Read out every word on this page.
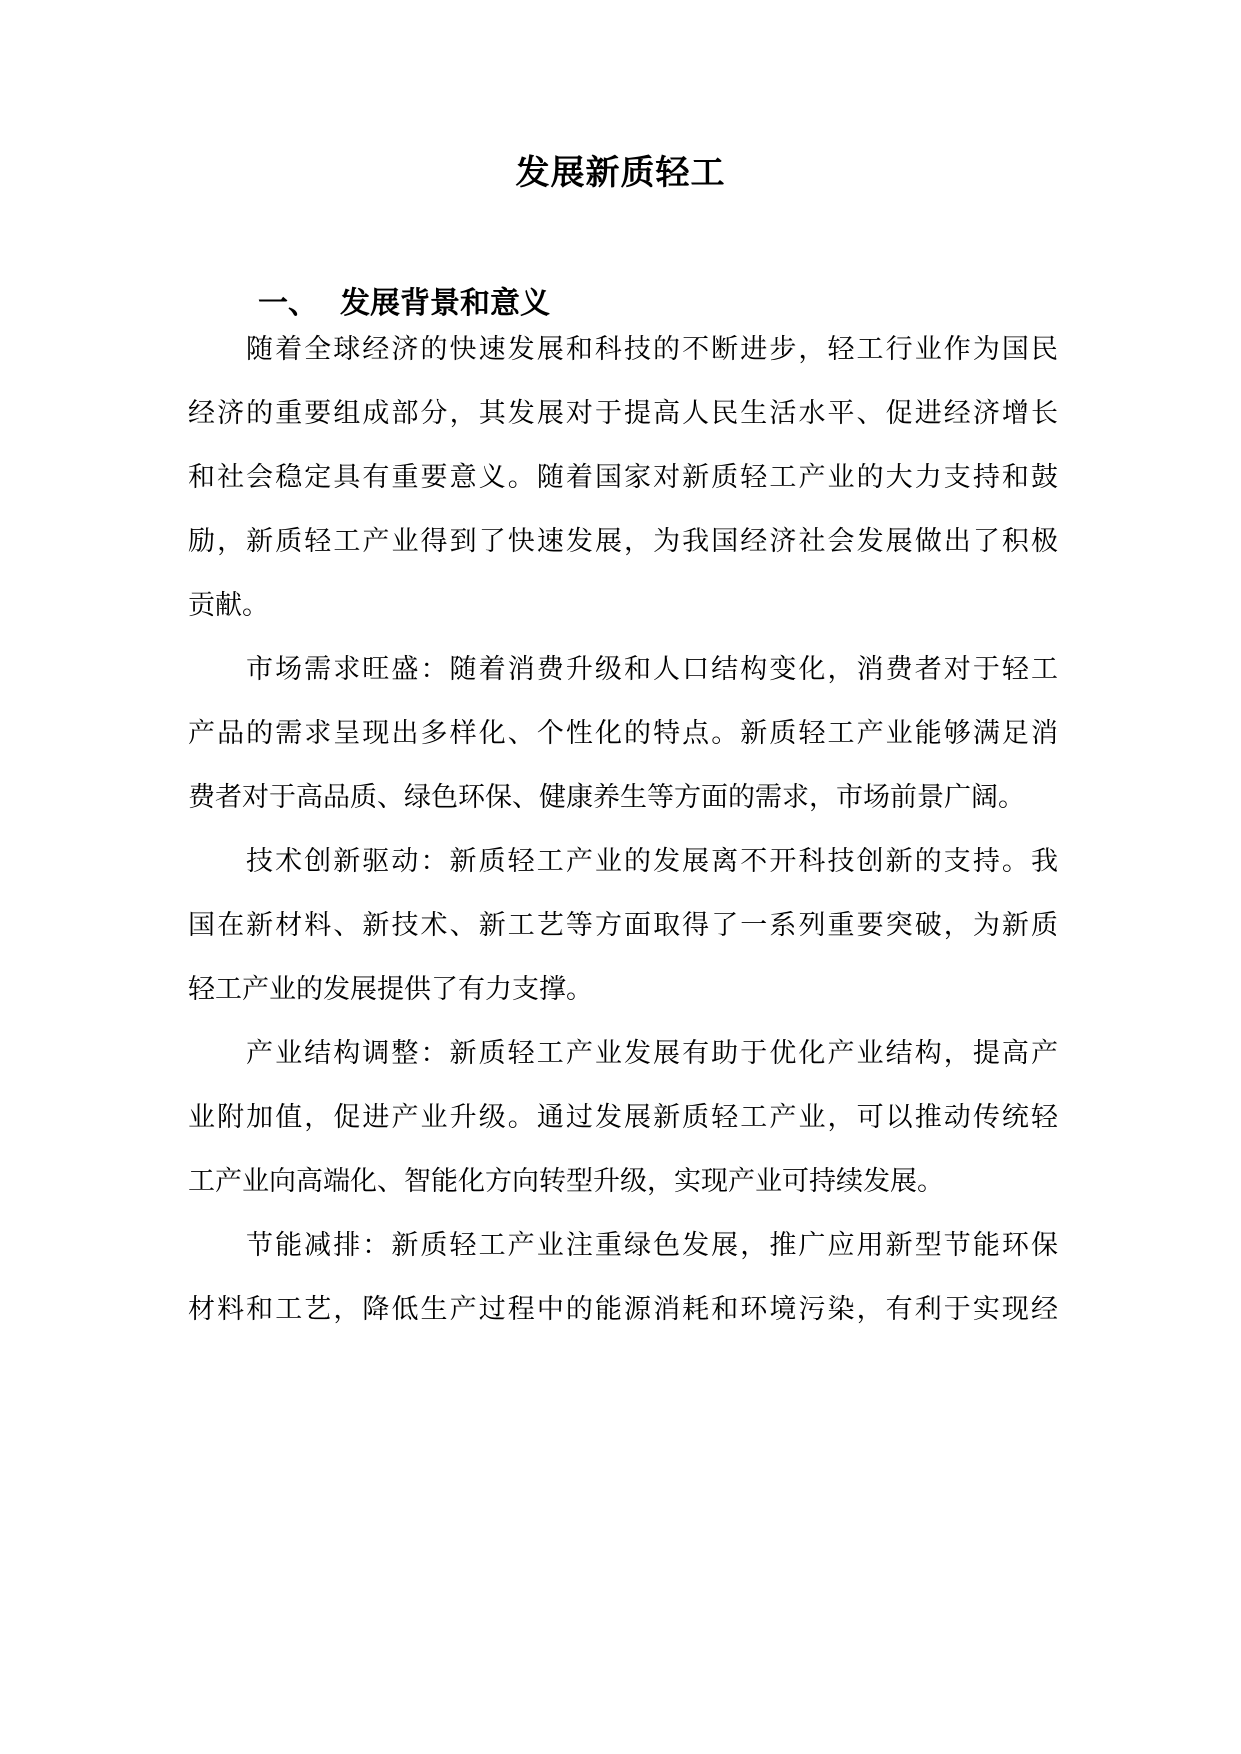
发展新质轻工
一、 发展背景和意义
随着全球经济的快速发展和科技的不断进步，轻工行业作为国民
经济的重要组成部分，其发展对于提高人民生活水平、促进经济增长
和社会稳定具有重要意义。随着国家对新质轻工产业的大力支持和鼓
励，新质轻工产业得到了快速发展，为我国经济社会发展做出了积极
贡献。
市场需求旺盛：随着消费升级和人口结构变化，消费者对于轻工
产品的需求呈现出多样化、个性化的特点。新质轻工产业能够满足消
费者对于高品质、绿色环保、健康养生等方面的需求，市场前景广阔。
技术创新驱动：新质轻工产业的发展离不开科技创新的支持。我
国在新材料、新技术、新工艺等方面取得了一系列重要突破，为新质
轻工产业的发展提供了有力支撑。
产业结构调整：新质轻工产业发展有助于优化产业结构，提高产
业附加值，促进产业升级。通过发展新质轻工产业，可以推动传统轻
工产业向高端化、智能化方向转型升级，实现产业可持续发展。
节能减排：新质轻工产业注重绿色发展，推广应用新型节能环保
材料和工艺，降低生产过程中的能源消耗和环境污染，有利于实现经
